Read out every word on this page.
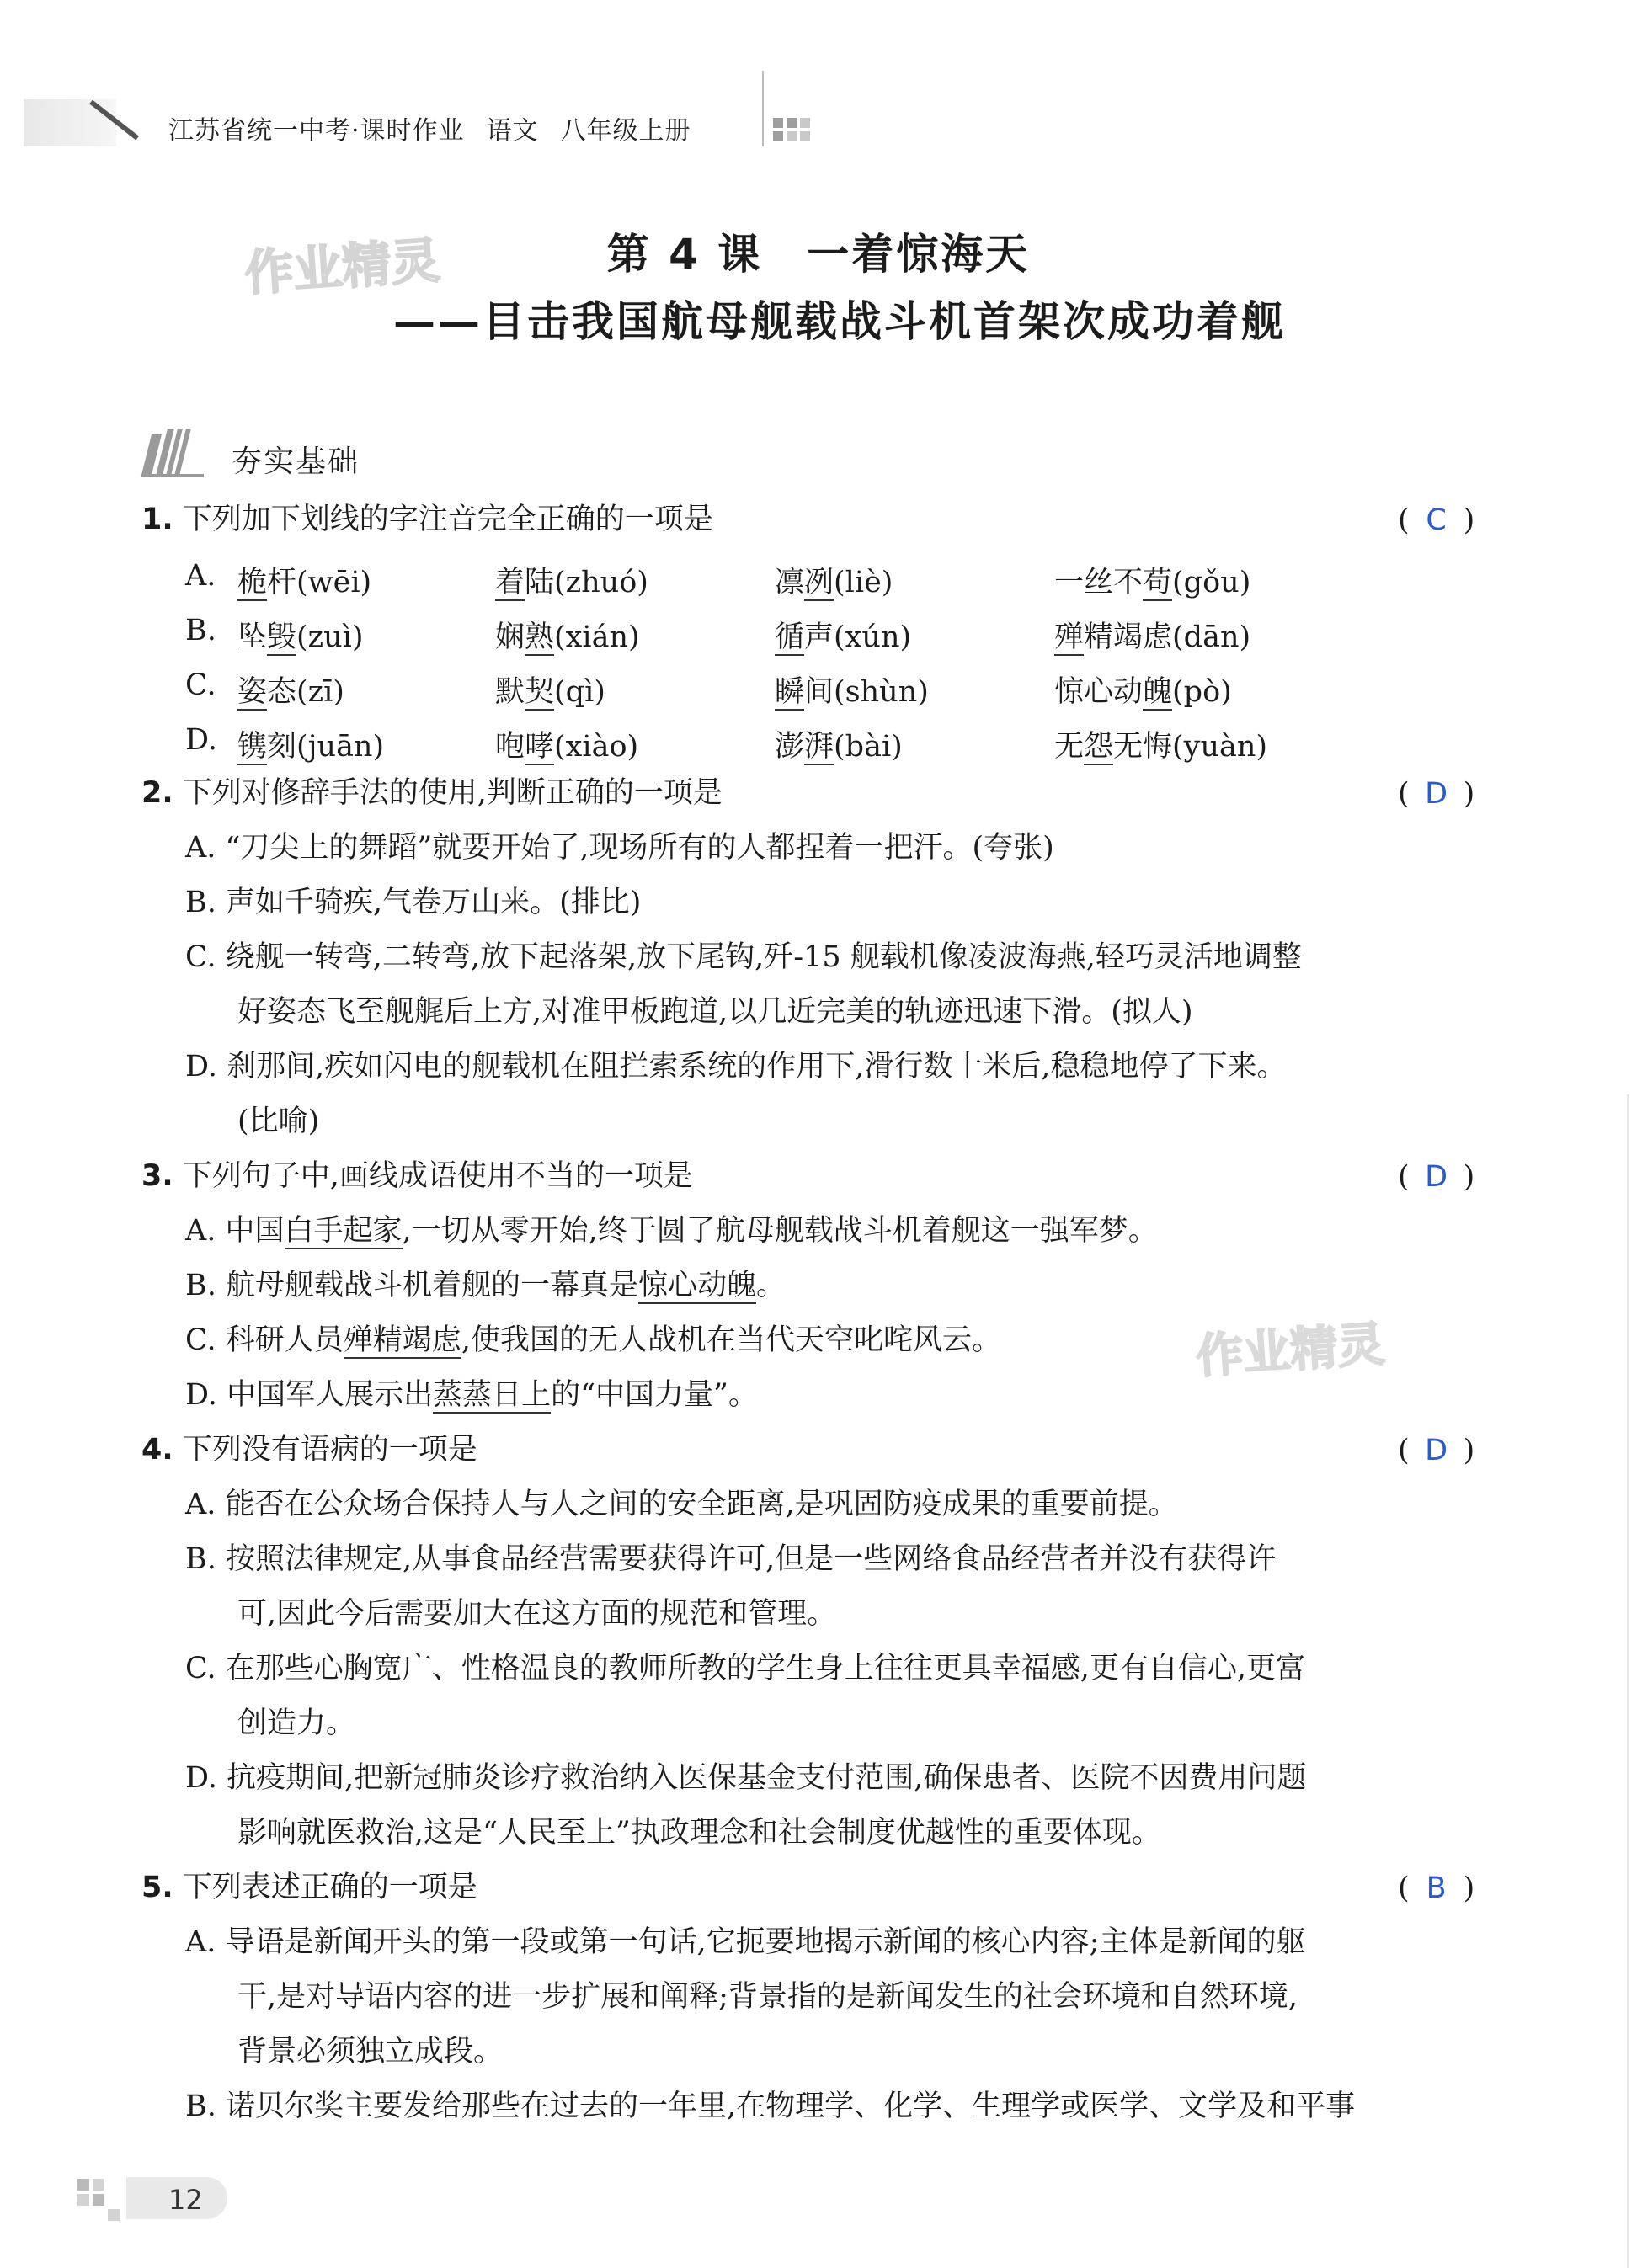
江苏省统一中考·课时作业 语文 八年级上册
作业精灵	第 4 课　一着惊海天
——目击我国航母舰载战斗机首架次成功着舰
夯实基础
1. 下列加下划线的字注音完全正确的一项是	( C )
A. 桅杆(wēi)	着陆(zhuó)	凛冽(liè)	一丝不苟(gǒu)
B. 坠毁(zuì)	娴熟(xián)	循声(xún)	殚精竭虑(dān)
C. 姿态(zī)	默契(qì)	瞬间(shùn)	惊心动魄(pò)
D. 镌刻(juān)	咆哮(xiào)	澎湃(bài)	无怨无悔(yuàn)
2. 下列对修辞手法的使用,判断正确的一项是	( D )
A. “刀尖上的舞蹈”就要开始了,现场所有的人都捏着一把汗。(夸张)
B. 声如千骑疾,气卷万山来。(排比)
C. 绕舰一转弯,二转弯,放下起落架,放下尾钩,歼-15 舰载机像凌波海燕,轻巧灵活地调整
好姿态飞至舰艉后上方,对准甲板跑道,以几近完美的轨迹迅速下滑。(拟人)
D. 刹那间,疾如闪电的舰载机在阻拦索系统的作用下,滑行数十米后,稳稳地停了下来。
(比喻)
3. 下列句子中,画线成语使用不当的一项是	( D )
A. 中国白手起家,一切从零开始,终于圆了航母舰载战斗机着舰这一强军梦。
B. 航母舰载战斗机着舰的一幕真是惊心动魄。
C. 科研人员殚精竭虑,使我国的无人战机在当代天空叱咤风云。
D. 中国军人展示出蒸蒸日上的“中国力量”。
作业精灵
4. 下列没有语病的一项是	( D )
A. 能否在公众场合保持人与人之间的安全距离,是巩固防疫成果的重要前提。
B. 按照法律规定,从事食品经营需要获得许可,但是一些网络食品经营者并没有获得许
可,因此今后需要加大在这方面的规范和管理。
C. 在那些心胸宽广、性格温良的教师所教的学生身上往往更具幸福感,更有自信心,更富
创造力。
D. 抗疫期间,把新冠肺炎诊疗救治纳入医保基金支付范围,确保患者、医院不因费用问题
影响就医救治,这是“人民至上”执政理念和社会制度优越性的重要体现。
5. 下列表述正确的一项是	( B )
A. 导语是新闻开头的第一段或第一句话,它扼要地揭示新闻的核心内容;主体是新闻的躯
干,是对导语内容的进一步扩展和阐释;背景指的是新闻发生的社会环境和自然环境,
背景必须独立成段。
B. 诺贝尔奖主要发给那些在过去的一年里,在物理学、化学、生理学或医学、文学及和平事
12
